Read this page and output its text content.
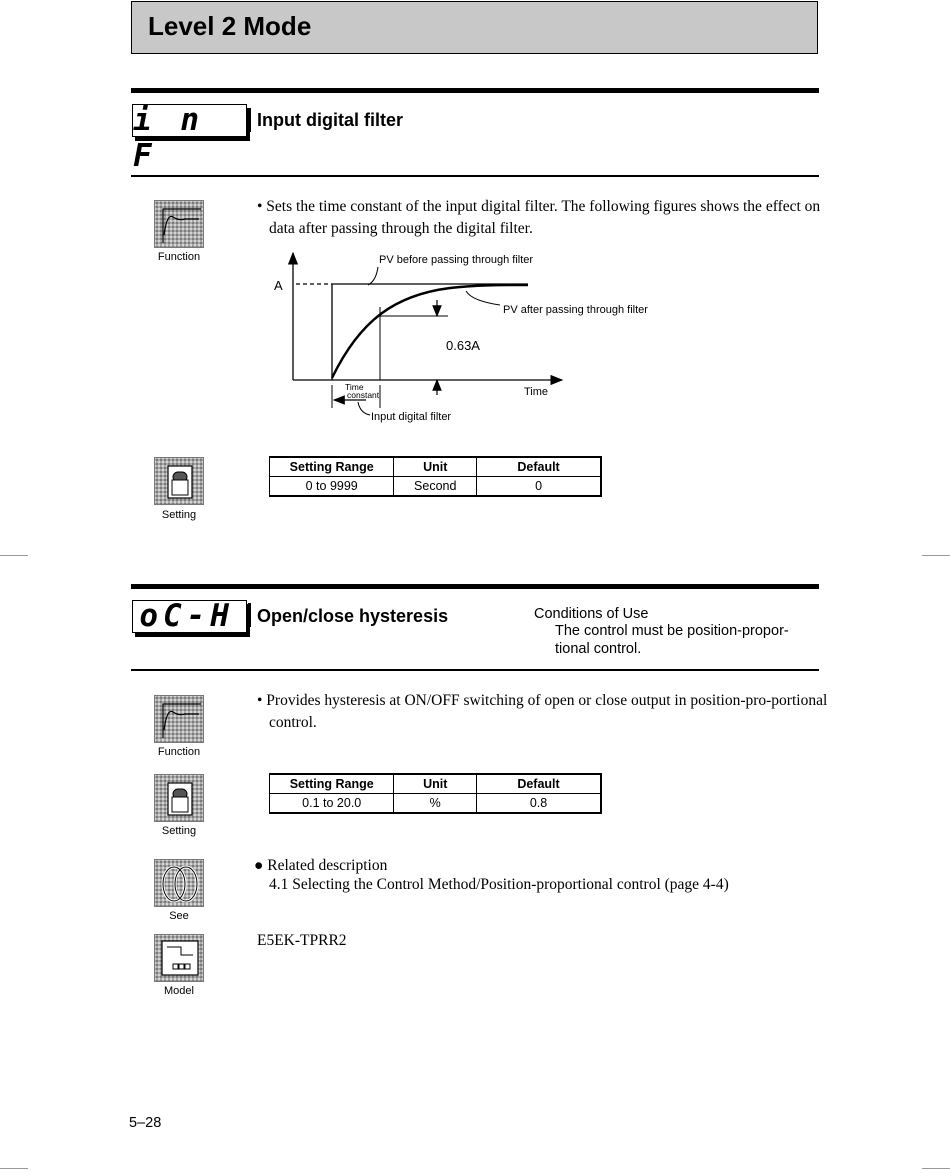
Level 2 Mode
i n F
Input digital filter
Function
• Sets the time constant of the input digital filter. The following figures shows the effect on data after passing through the digital filter.
PV before passing through filter
PV after passing through filter
A
0.63A
Time
Time
constant
Input digital filter
Setting
Setting Range	Unit	Default
0 to 9999	Second	0
oC-H Open/close hysteresis	Conditions of Use
The control must be position-propor-tional control.
Function
• Provides hysteresis at ON/OFF switching of open or close output in position-pro-portional control.
Setting
Setting Range	Unit	Default
0.1 to 20.0	%	0.8
See
● Related description
4.1 Selecting the Control Method/Position-proportional control (page 4-4)
Model
E5EK-TPRR2
5–28
